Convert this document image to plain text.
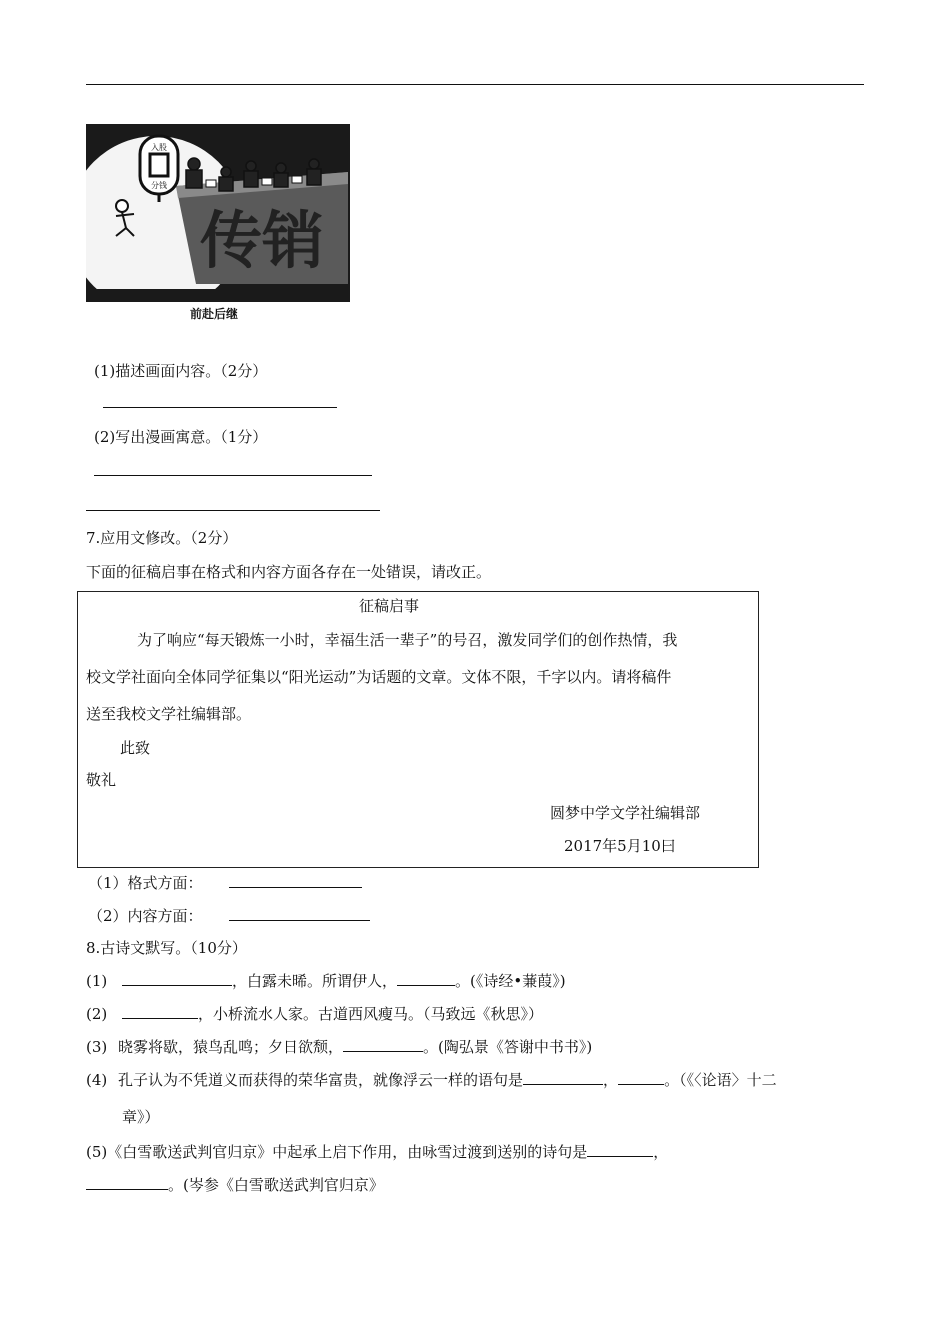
传销
入股
分钱
前赴后继
(1)描述画面内容。（2分）
(2)写出漫画寓意。（1分）
7.应用文修改。（2分）
下面的征稿启事在格式和内容方面各存在一处错误，请改正。
征稿启事
为了响应“每天锻炼一小时，幸福生活一辈子”的号召，激发同学们的创作热情，我
校文学社面向全体同学征集以“阳光运动”为话题的文章。文体不限，千字以内。请将稿件
送至我校文学社编辑部。
此致
敬礼
圆梦中学文学社编辑部
2017年5月10曰
（1）格式方面：
（2）内容方面：
8.古诗文默写。（10分）
(1)	，白露未晞。所谓伊人，	。(《诗经•蒹葭》)
(2)	，小桥流水人家。古道西风瘦马。（马致远《秋思》）
(3) 晓雾将歇，猿鸟乱鸣；夕日欲颓，	。(陶弘景《答谢中书书》)
(4) 孔子认为不凭道义而获得的荣华富贵，就像浮云一样的语句是	，	。（《〈论语〉十二
章》）
(5)《白雪歌送武判官归京》中起承上启下作用，由咏雪过渡到送别的诗句是	，
。(岑参《白雪歌送武判官归京》
